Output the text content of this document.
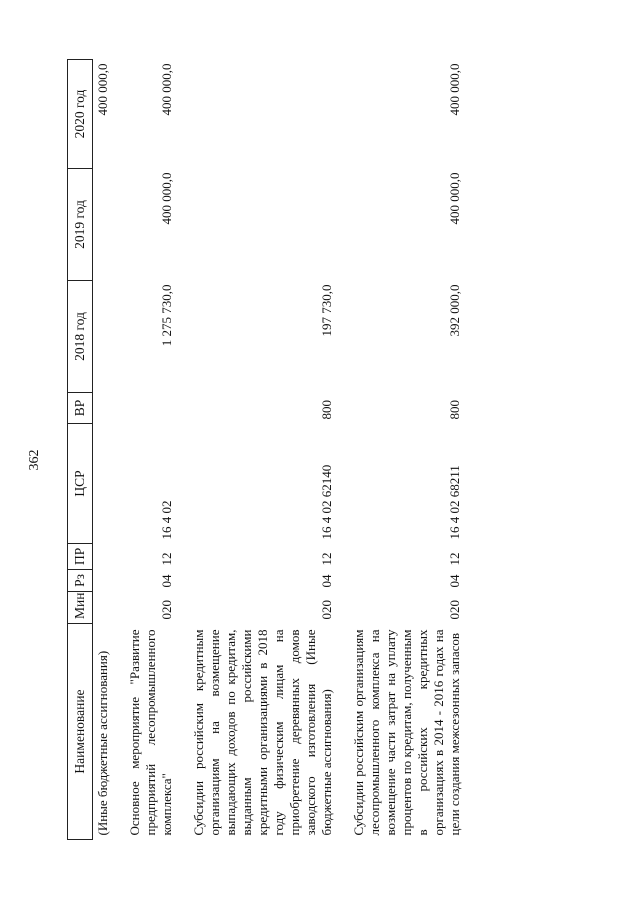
362
Наименование	Мин	Рз	ПР	ЦСР	ВР	2018 год	2019 год	2020 год
(Иные бюджетные ассигнования)								400 000,0

Основное мероприятие "Развитие предприятий лесопромышленного комплекса"	020	04	12	16 4 02		1 275 730,0	400 000,0	400 000,0

Субсидии российским кредитным организациям на возмещение выпадающих доходов по кредитам, выданным российскими кредитными организациями в 2018 году физическим лицам на приобретение деревянных домов заводского изготовления (Иные бюджетные ассигнования)	020	04	12	16 4 02 62140	800	197 730,0		

Субсидии российским организациям лесопромышленного комплекса на возмещение части затрат на уплату процентов по кредитам, полученным в российских кредитных организациях в 2014 - 2016 годах на цели создания межсезонных запасов	020	04	12	16 4 02 68211	800	392 000,0	400 000,0	400 000,0
